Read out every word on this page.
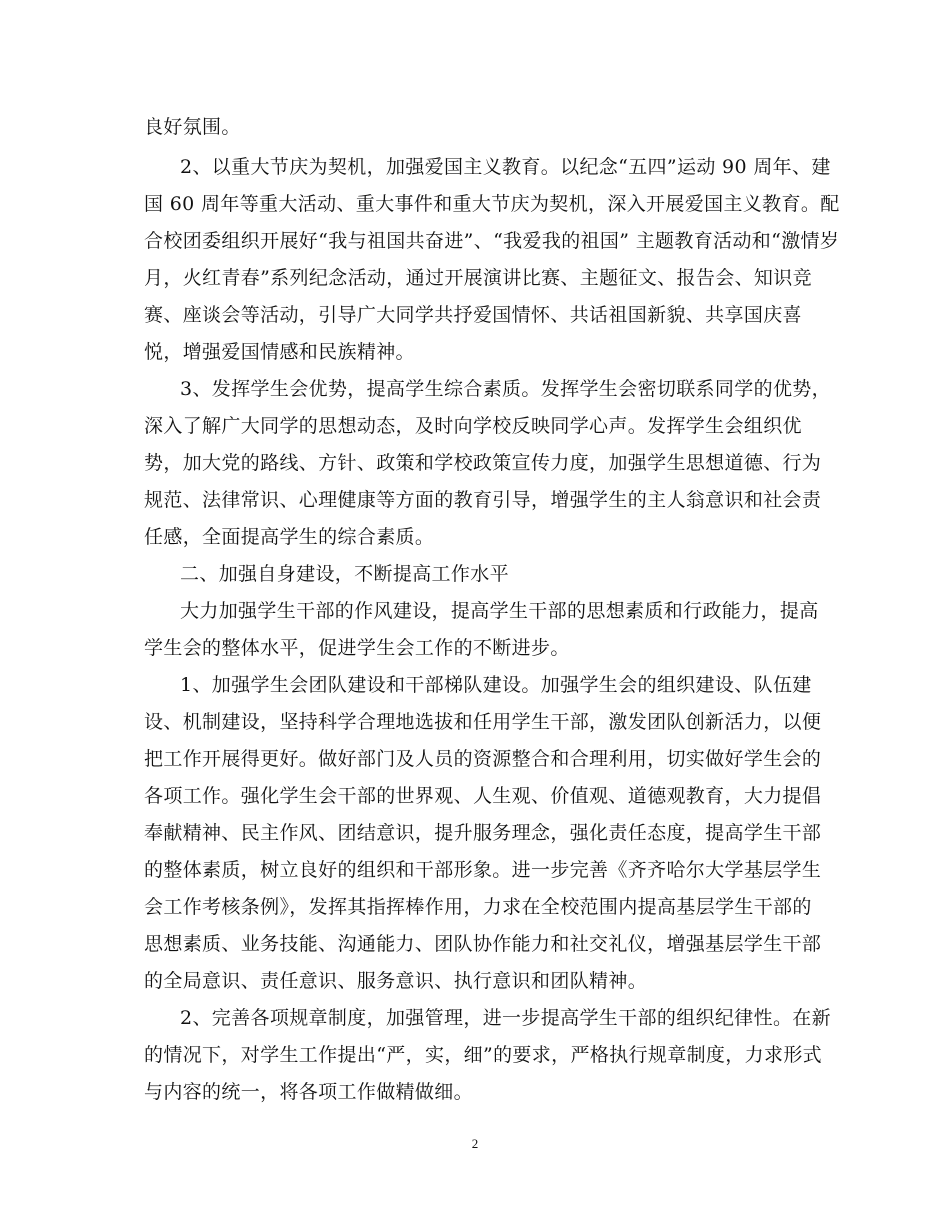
良好氛围。
2、以重大节庆为契机，加强爱国主义教育。以纪念“五四”运动 90 周年、建
国 60 周年等重大活动、重大事件和重大节庆为契机，深入开展爱国主义教育。配
合校团委组织开展好“我与祖国共奋进”、“我爱我的祖国” 主题教育活动和“激情岁
月，火红青春”系列纪念活动，通过开展演讲比赛、主题征文、报告会、知识竞
赛、座谈会等活动，引导广大同学共抒爱国情怀、共话祖国新貌、共享国庆喜
悦，增强爱国情感和民族精神。
3、发挥学生会优势，提高学生综合素质。发挥学生会密切联系同学的优势，
深入了解广大同学的思想动态，及时向学校反映同学心声。发挥学生会组织优
势，加大党的路线、方针、政策和学校政策宣传力度，加强学生思想道德、行为
规范、法律常识、心理健康等方面的教育引导，增强学生的主人翁意识和社会责
任感，全面提高学生的综合素质。
二、加强自身建设，不断提高工作水平
大力加强学生干部的作风建设，提高学生干部的思想素质和行政能力，提高
学生会的整体水平，促进学生会工作的不断进步。
1、加强学生会团队建设和干部梯队建设。加强学生会的组织建设、队伍建
设、机制建设，坚持科学合理地选拔和任用学生干部，激发团队创新活力，以便
把工作开展得更好。做好部门及人员的资源整合和合理利用，切实做好学生会的
各项工作。强化学生会干部的世界观、人生观、价值观、道德观教育，大力提倡
奉献精神、民主作风、团结意识，提升服务理念，强化责任态度，提高学生干部
的整体素质，树立良好的组织和干部形象。进一步完善《齐齐哈尔大学基层学生
会工作考核条例》，发挥其指挥棒作用，力求在全校范围内提高基层学生干部的
思想素质、业务技能、沟通能力、团队协作能力和社交礼仪，增强基层学生干部
的全局意识、责任意识、服务意识、执行意识和团队精神。
2、完善各项规章制度，加强管理，进一步提高学生干部的组织纪律性。在新
的情况下，对学生工作提出“严，实，细”的要求，严格执行规章制度，力求形式
与内容的统一，将各项工作做精做细。
2
